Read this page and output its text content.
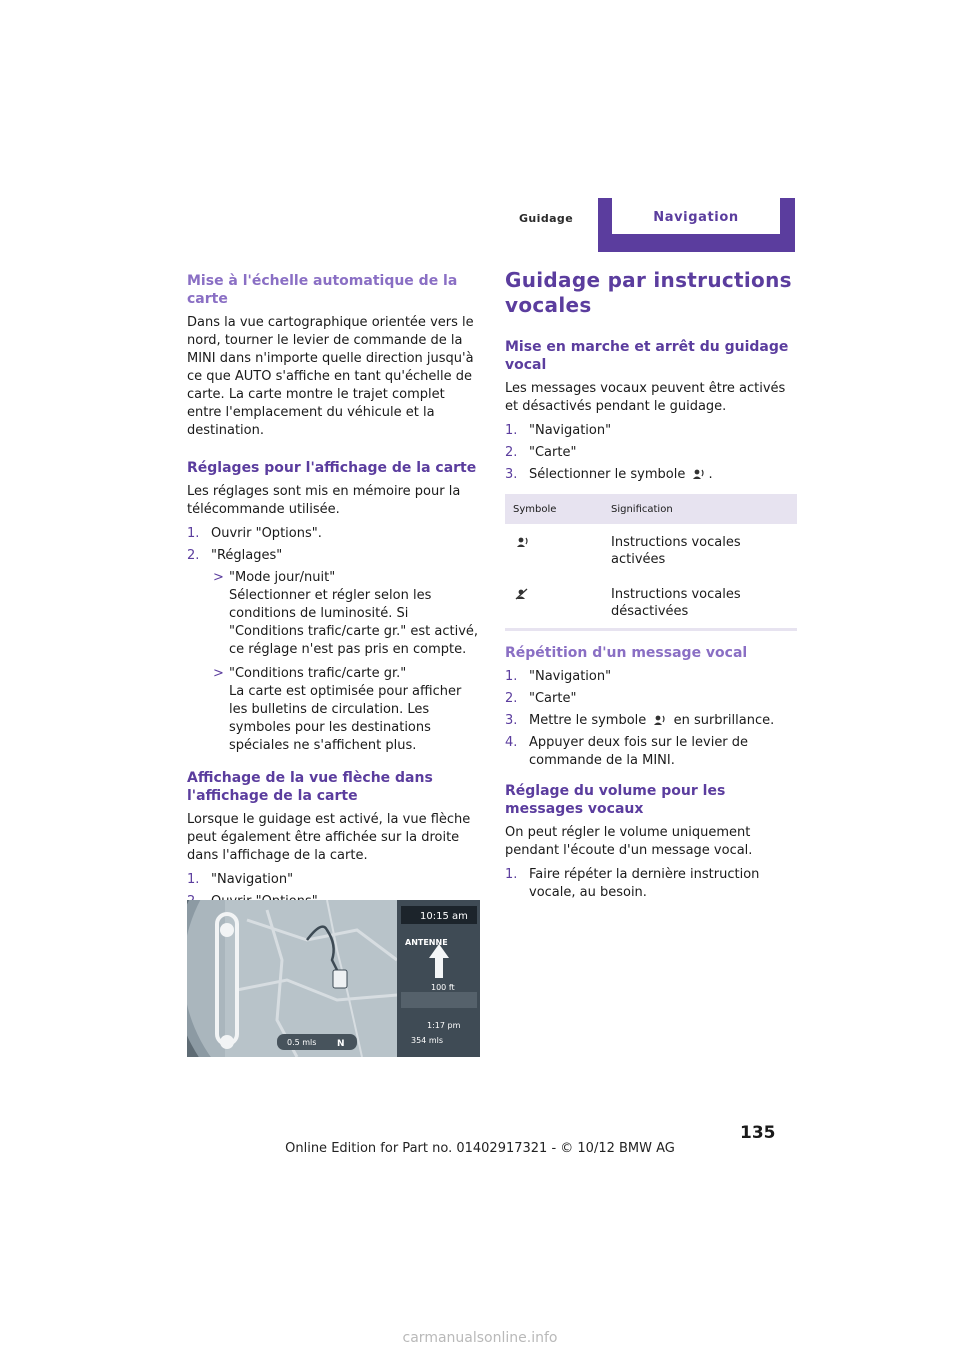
Guidage	Navigation
Mise à l'échelle automatique de la carte

Dans la vue cartographique orientée vers le nord, tourner le levier de commande de la MINI dans n'importe quelle direction jusqu'à ce que AUTO s'affiche en tant qu'échelle de carte. La carte montre le trajet complet entre l'emplacement du véhicule et la destination.

Réglages pour l'affichage de la carte

Les réglages sont mis en mémoire pour la télécommande utilisée.

1. Ouvrir "Options".
2. "Réglages"
> "Mode jour/nuit"
Sélectionner et régler selon les conditions de luminosité. Si "Conditions trafic/carte gr." est activé, ce réglage n'est pas pris en compte.
> "Conditions trafic/carte gr."
La carte est optimisée pour afficher les bulletins de circulation. Les symboles pour les destinations spéciales ne s'affichent plus.
Affichage de la vue flèche dans l'affichage de la carte

Lorsque le guidage est activé, la vue flèche peut également être affichée sur la droite dans l'affichage de la carte.

1. "Navigation"
10:15 am
ANTENNE
100 ft
1:17 pm
354 mls
0.5 mls N
Guidage par instructions vocales
Mise en marche et arrêt du guidage vocal

Les messages vocaux peuvent être activés et désactivés pendant le guidage.

1. "Navigation"
2. "Carte"
3. Sélectionner le symbole .
Symbole	Signification
	Instructions vocales activées
	Instructions vocales désactivées
Répétition d'un message vocal
1. "Navigation"
2. "Carte"
3. Mettre le symbole en surbrillance.
4. Appuyer deux fois sur le levier de commande de la MINI.
Réglage du volume pour les messages vocaux

On peut régler le volume uniquement pendant l'écoute d'un message vocal.

1. Faire répéter la dernière instruction vocale, au besoin.
135
Online Edition for Part no. 01402917321 - © 10/12 BMW AG
carmanualsonline.info
